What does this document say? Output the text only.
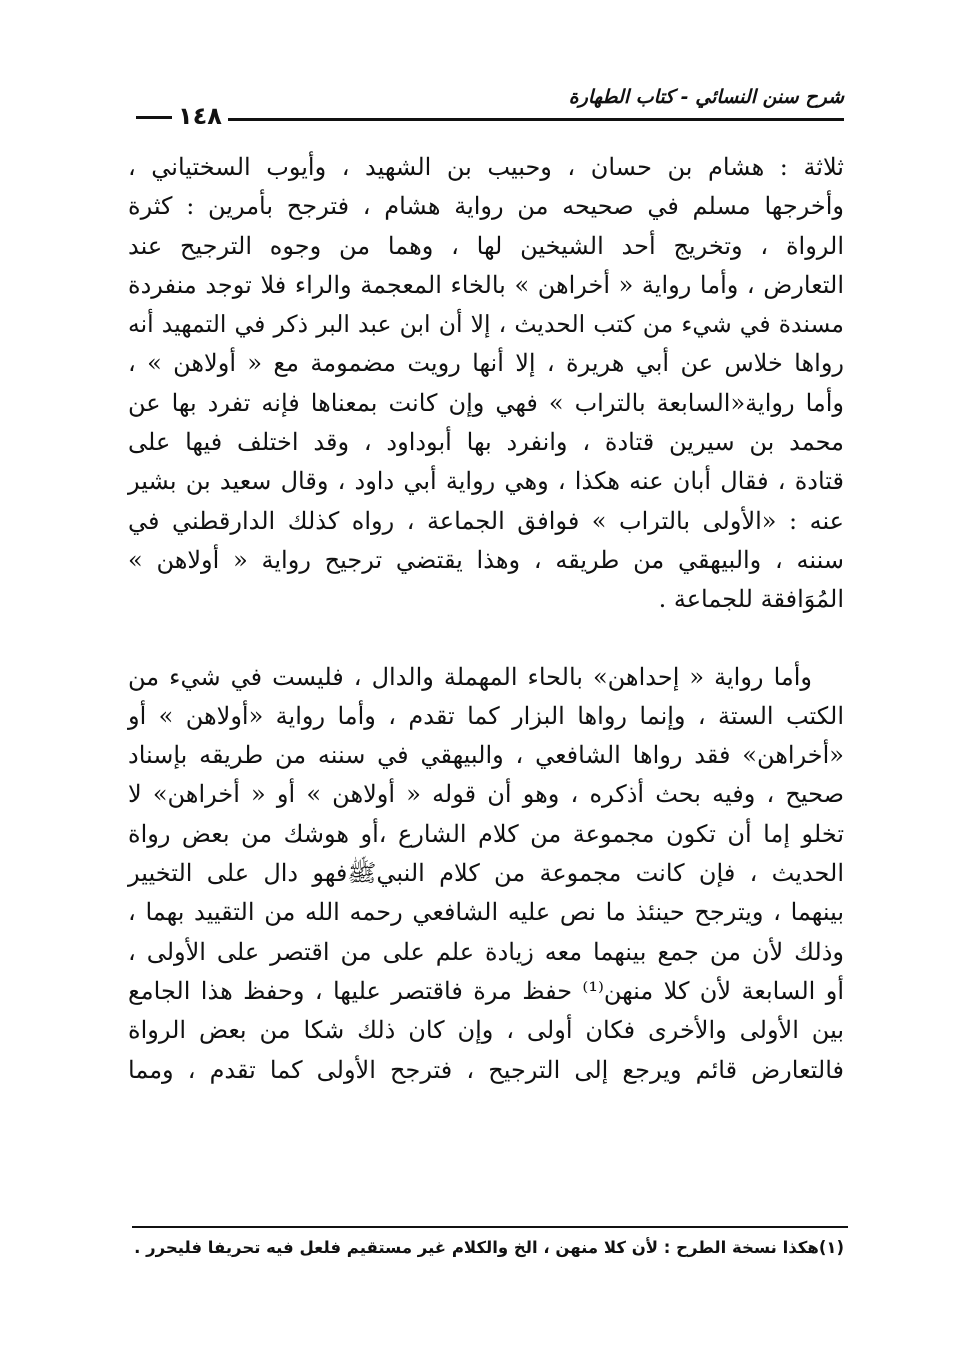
شرح سنن النسائي - كتاب الطهارة
١٤٨
ثلاثة : هشام بن حسان ، وحبيب بن الشهيد ، وأيوب السختياني ،
وأخرجها مسلم في صحيحه من رواية هشام ، فترجح بأمرين : كثرة
الرواة ، وتخريج أحد الشيخين لها ، وهما من وجوه الترجيح عند
التعارض ، وأما رواية « أخراهن » بالخاء المعجمة والراء فلا توجد منفردة
مسندة في شيء من كتب الحديث ، إلا أن ابن عبد البر ذكر في التمهيد أنه
رواها خلاس عن أبي هريرة ، إلا أنها رويت مضمومة مع « أولاهن » ،
وأما رواية«السابعة بالتراب » فهي وإن كانت بمعناها فإنه تفرد بها عن
محمد بن سيرين قتادة ، وانفرد بها أبوداود ، وقد اختلف فيها على
قتادة ، فقال أبان عنه هكذا ، وهي رواية أبي داود ، وقال سعيد بن بشير
عنه : «الأولى بالتراب » فوافق الجماعة ، رواه كذلك الدارقطني في
سننه ، والبيهقي من طريقه ، وهذا يقتضي ترجيح رواية « أولاهن »
المُوَافقة للجماعة .
وأما رواية « إحداهن» بالحاء المهملة والدال ، فليست في شيء من
الكتب الستة ، وإنما رواها البزار كما تقدم ، وأما رواية «أولاهن » أو
«أخراهن» فقد رواها الشافعي ، والبيهقي في سننه من طريقه بإسناد
صحيح ، وفيه بحث أذكره ، وهو أن قوله « أولاهن » أو « أخراهن» لا
تخلو إما أن تكون مجموعة من كلام الشارع ،أو هوشك من بعض رواة
الحديث ، فإن كانت مجموعة من كلام النبيﷺفهو دال على التخيير
بينهما ، ويترجح حينئذ ما نص عليه الشافعي رحمه الله من التقييد بهما ،
وذلك لأن من جمع بينهما معه زيادة علم على من اقتصر على الأولى ،
أو السابعة لأن كلا منهن⁽¹⁾ حفظ مرة فاقتصر عليها ، وحفظ هذا الجامع
بين الأولى والأخرى فكان أولى ، وإن كان ذلك شكا من بعض الرواة
فالتعارض قائم ويرجع إلى الترجيح ، فترجح الأولى كما تقدم ، ومما
(١)هكذا نسخة الطرح : لأن كلا منهن ، الخ والكلام غير مستقيم فلعل فيه تحريفا فليحرر .
